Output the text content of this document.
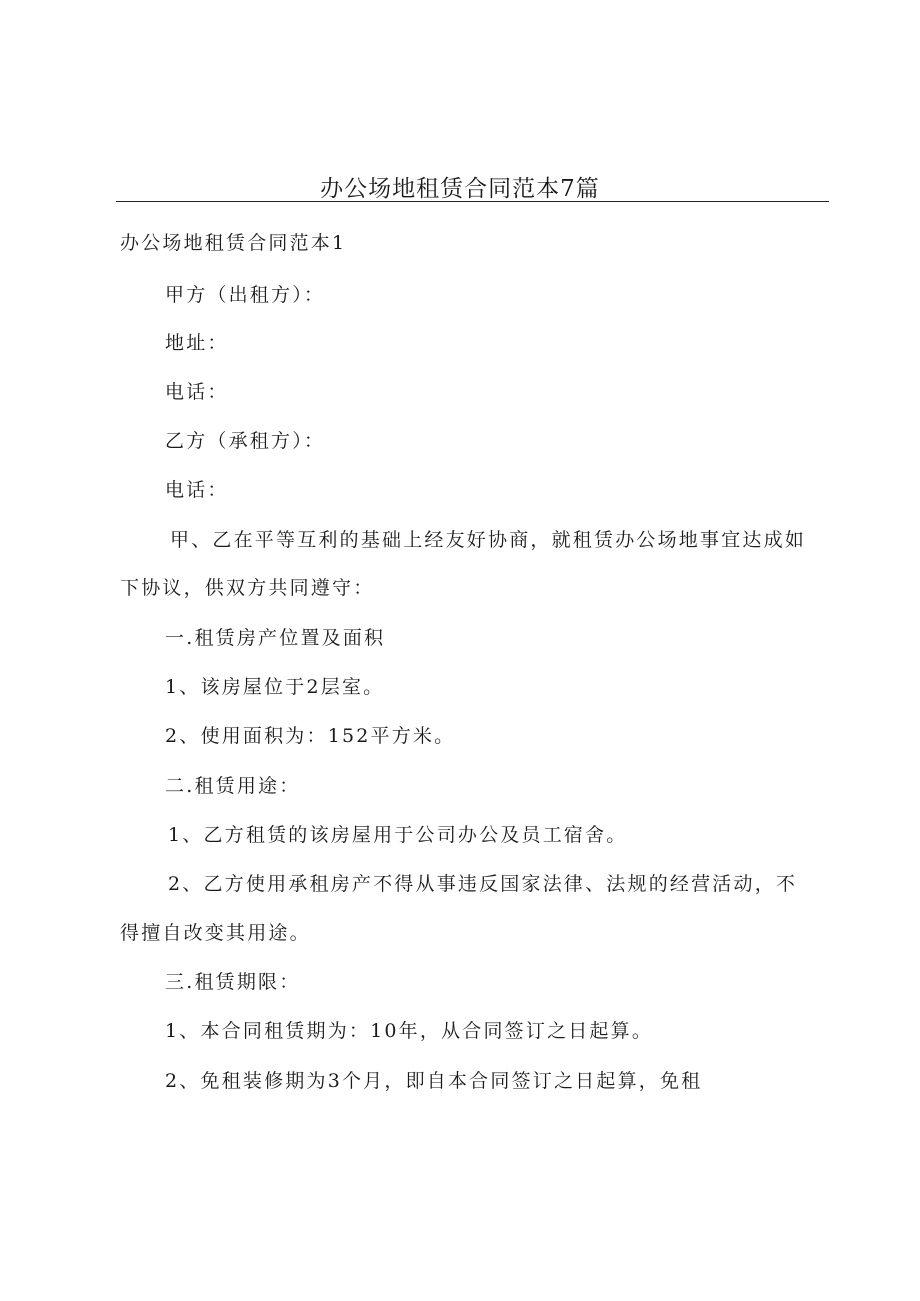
办公场地租赁合同范本7篇

办公场地租赁合同范本1

甲方（出租方）：

地址：

电话：

乙方（承租方）：

电话：

甲、乙在平等互利的基础上经友好协商，就租赁办公场地事宜达成如

下协议，供双方共同遵守：

一.租赁房产位置及面积

1、该房屋位于2层室。

2、使用面积为：152平方米。

二.租赁用途：

1、乙方租赁的该房屋用于公司办公及员工宿舍。

2、乙方使用承租房产不得从事违反国家法律、法规的经营活动，不

得擅自改变其用途。

三.租赁期限：

1、本合同租赁期为：10年，从合同签订之日起算。

2、免租装修期为3个月，即自本合同签订之日起算，免租
